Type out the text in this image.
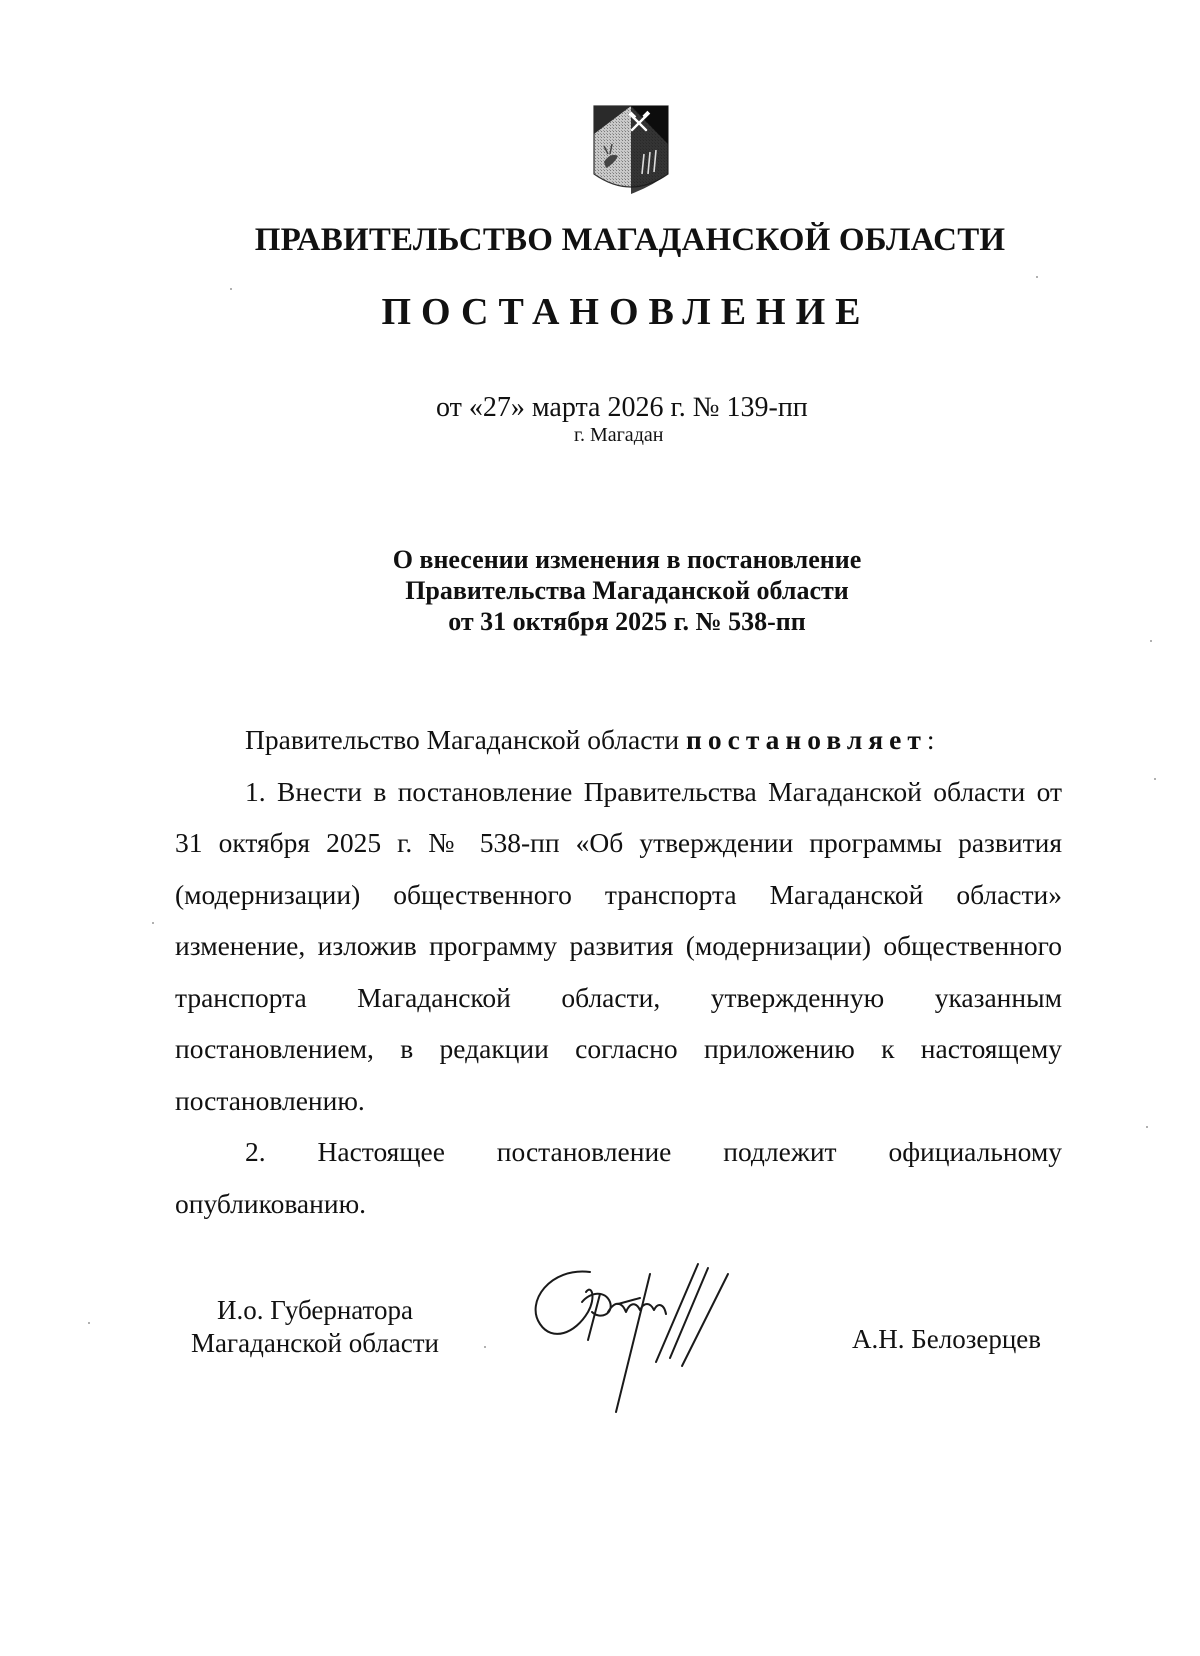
ПРАВИТЕЛЬСТВО МАГАДАНСКОЙ ОБЛАСТИ
ПОСТАНОВЛЕНИЕ
от «27» марта 2026 г. № 139-пп
г. Магадан
О внесении изменения в постановление
Правительства Магаданской области
от 31 октября 2025 г. № 538-пп

Правительство Магаданской области постановляет:

1. Внести в постановление Правительства Магаданской области от 31 октября 2025 г. № 538-пп «Об утверждении программы развития (модернизации) общественного транспорта Магаданской области» изменение, изложив программу развития (модернизации) общественного транспорта Магаданской области, утвержденную указанным постановлением, в редакции согласно приложению к настоящему постановлению.

2. Настоящее постановление подлежит официальному опубликованию.

И.о. Губернатора
Магаданской области	А.Н. Белозерцев
